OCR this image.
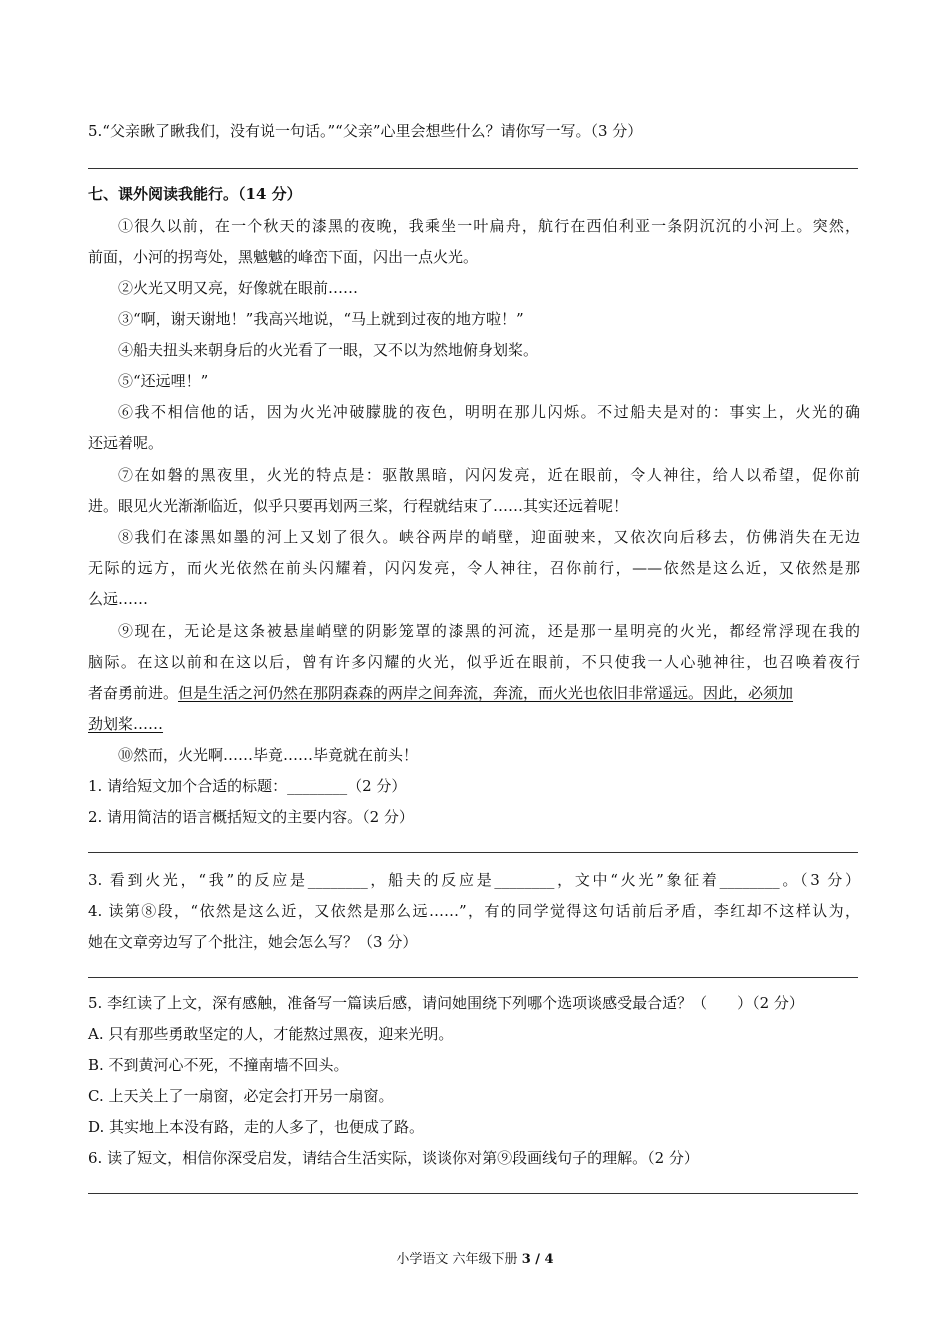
5.“父亲瞅了瞅我们，没有说一句话。”“父亲”心里会想些什么？请你写一写。（3 分）
七、课外阅读我能行。（14 分）
①很久以前，在一个秋天的漆黑的夜晚，我乘坐一叶扁舟，航行在西伯利亚一条阴沉沉的小河上。突然，
前面，小河的拐弯处，黑魆魆的峰峦下面，闪出一点火光。
②火光又明又亮，好像就在眼前……
③“啊，谢天谢地！”我高兴地说，“马上就到过夜的地方啦！”
④船夫扭头来朝身后的火光看了一眼，又不以为然地俯身划桨。
⑤“还远哩！”
⑥我不相信他的话，因为火光冲破朦胧的夜色，明明在那儿闪烁。不过船夫是对的：事实上，火光的确
还远着呢。
⑦在如磐的黑夜里，火光的特点是：驱散黑暗，闪闪发亮，近在眼前，令人神往，给人以希望，促你前
进。眼见火光渐渐临近，似乎只要再划两三桨，行程就结束了……其实还远着呢！
⑧我们在漆黑如墨的河上又划了很久。峡谷两岸的峭壁，迎面驶来，又依次向后移去，仿佛消失在无边
无际的远方，而火光依然在前头闪耀着，闪闪发亮，令人神往，召你前行，——依然是这么近，又依然是那
么远……
⑨现在，无论是这条被悬崖峭壁的阴影笼罩的漆黑的河流，还是那一星明亮的火光，都经常浮现在我的
脑际。在这以前和在这以后，曾有许多闪耀的火光，似乎近在眼前，不只使我一人心驰神往，也召唤着夜行
者奋勇前进。但是生活之河仍然在那阴森森的两岸之间奔流，奔流，而火光也依旧非常遥远。因此，必须加
劲划桨……
⑩然而，火光啊……毕竟……毕竟就在前头！
1. 请给短文加个合适的标题：________（2 分）
2. 请用简洁的语言概括短文的主要内容。（2 分）
3. 看到火光，“我”的反应是________，船夫的反应是________，文中“火光”象征着________。（3 分）
4. 读第⑧段，“依然是这么近，又依然是那么远……”，有的同学觉得这句话前后矛盾，李红却不这样认为，
她在文章旁边写了个批注，她会怎么写？（3 分）
5. 李红读了上文，深有感触，准备写一篇读后感，请问她围绕下列哪个选项谈感受最合适？（　　）（2 分）
A. 只有那些勇敢坚定的人，才能熬过黑夜，迎来光明。
B. 不到黄河心不死，不撞南墙不回头。
C. 上天关上了一扇窗，必定会打开另一扇窗。
D. 其实地上本没有路，走的人多了，也便成了路。
6. 读了短文，相信你深受启发，请结合生活实际，谈谈你对第⑨段画线句子的理解。（2 分）
小学语文 六年级下册 3 / 4
